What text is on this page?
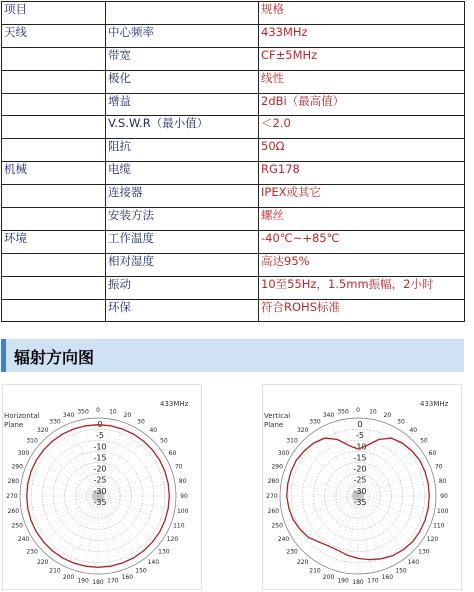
项目		规格
天线	中心频率	433MHz
	带宽	CF±5MHz
	极化	线性
	增益	2dBi（最高值）
	V.S.W.R（最小值）	＜2.0
	阻抗	50Ω
机械	电缆	RG178
	连接器	IPEX或其它
	安装方法	螺丝
环境	工作温度	-40℃~+85℃
	相对湿度	高达95%
	振动	10至55Hz，1.5mm振幅，2小时
	环保	符合ROHS标准
辐射方向图
Horizontal
Plane
433MHz
0 10
20
30
40
50
60
70
80
90
100
110
120
130
140
150
160
170
180
190
200
210
220
230
240
250
260
270
280
290
300
310
320
330
340
350
0
-5
-10
-15
-20
-25
-30
-35
Vertical
Plane
433MHz
0 10
20
30
40
50
60
70
80
90
100
110
120
130
140
150
160
170
180
190
200
210
220
230
240
250
260
270
280
290
300
310
320
330
340
350
0
-5
-10
-15
-20
-25
-30
-35
